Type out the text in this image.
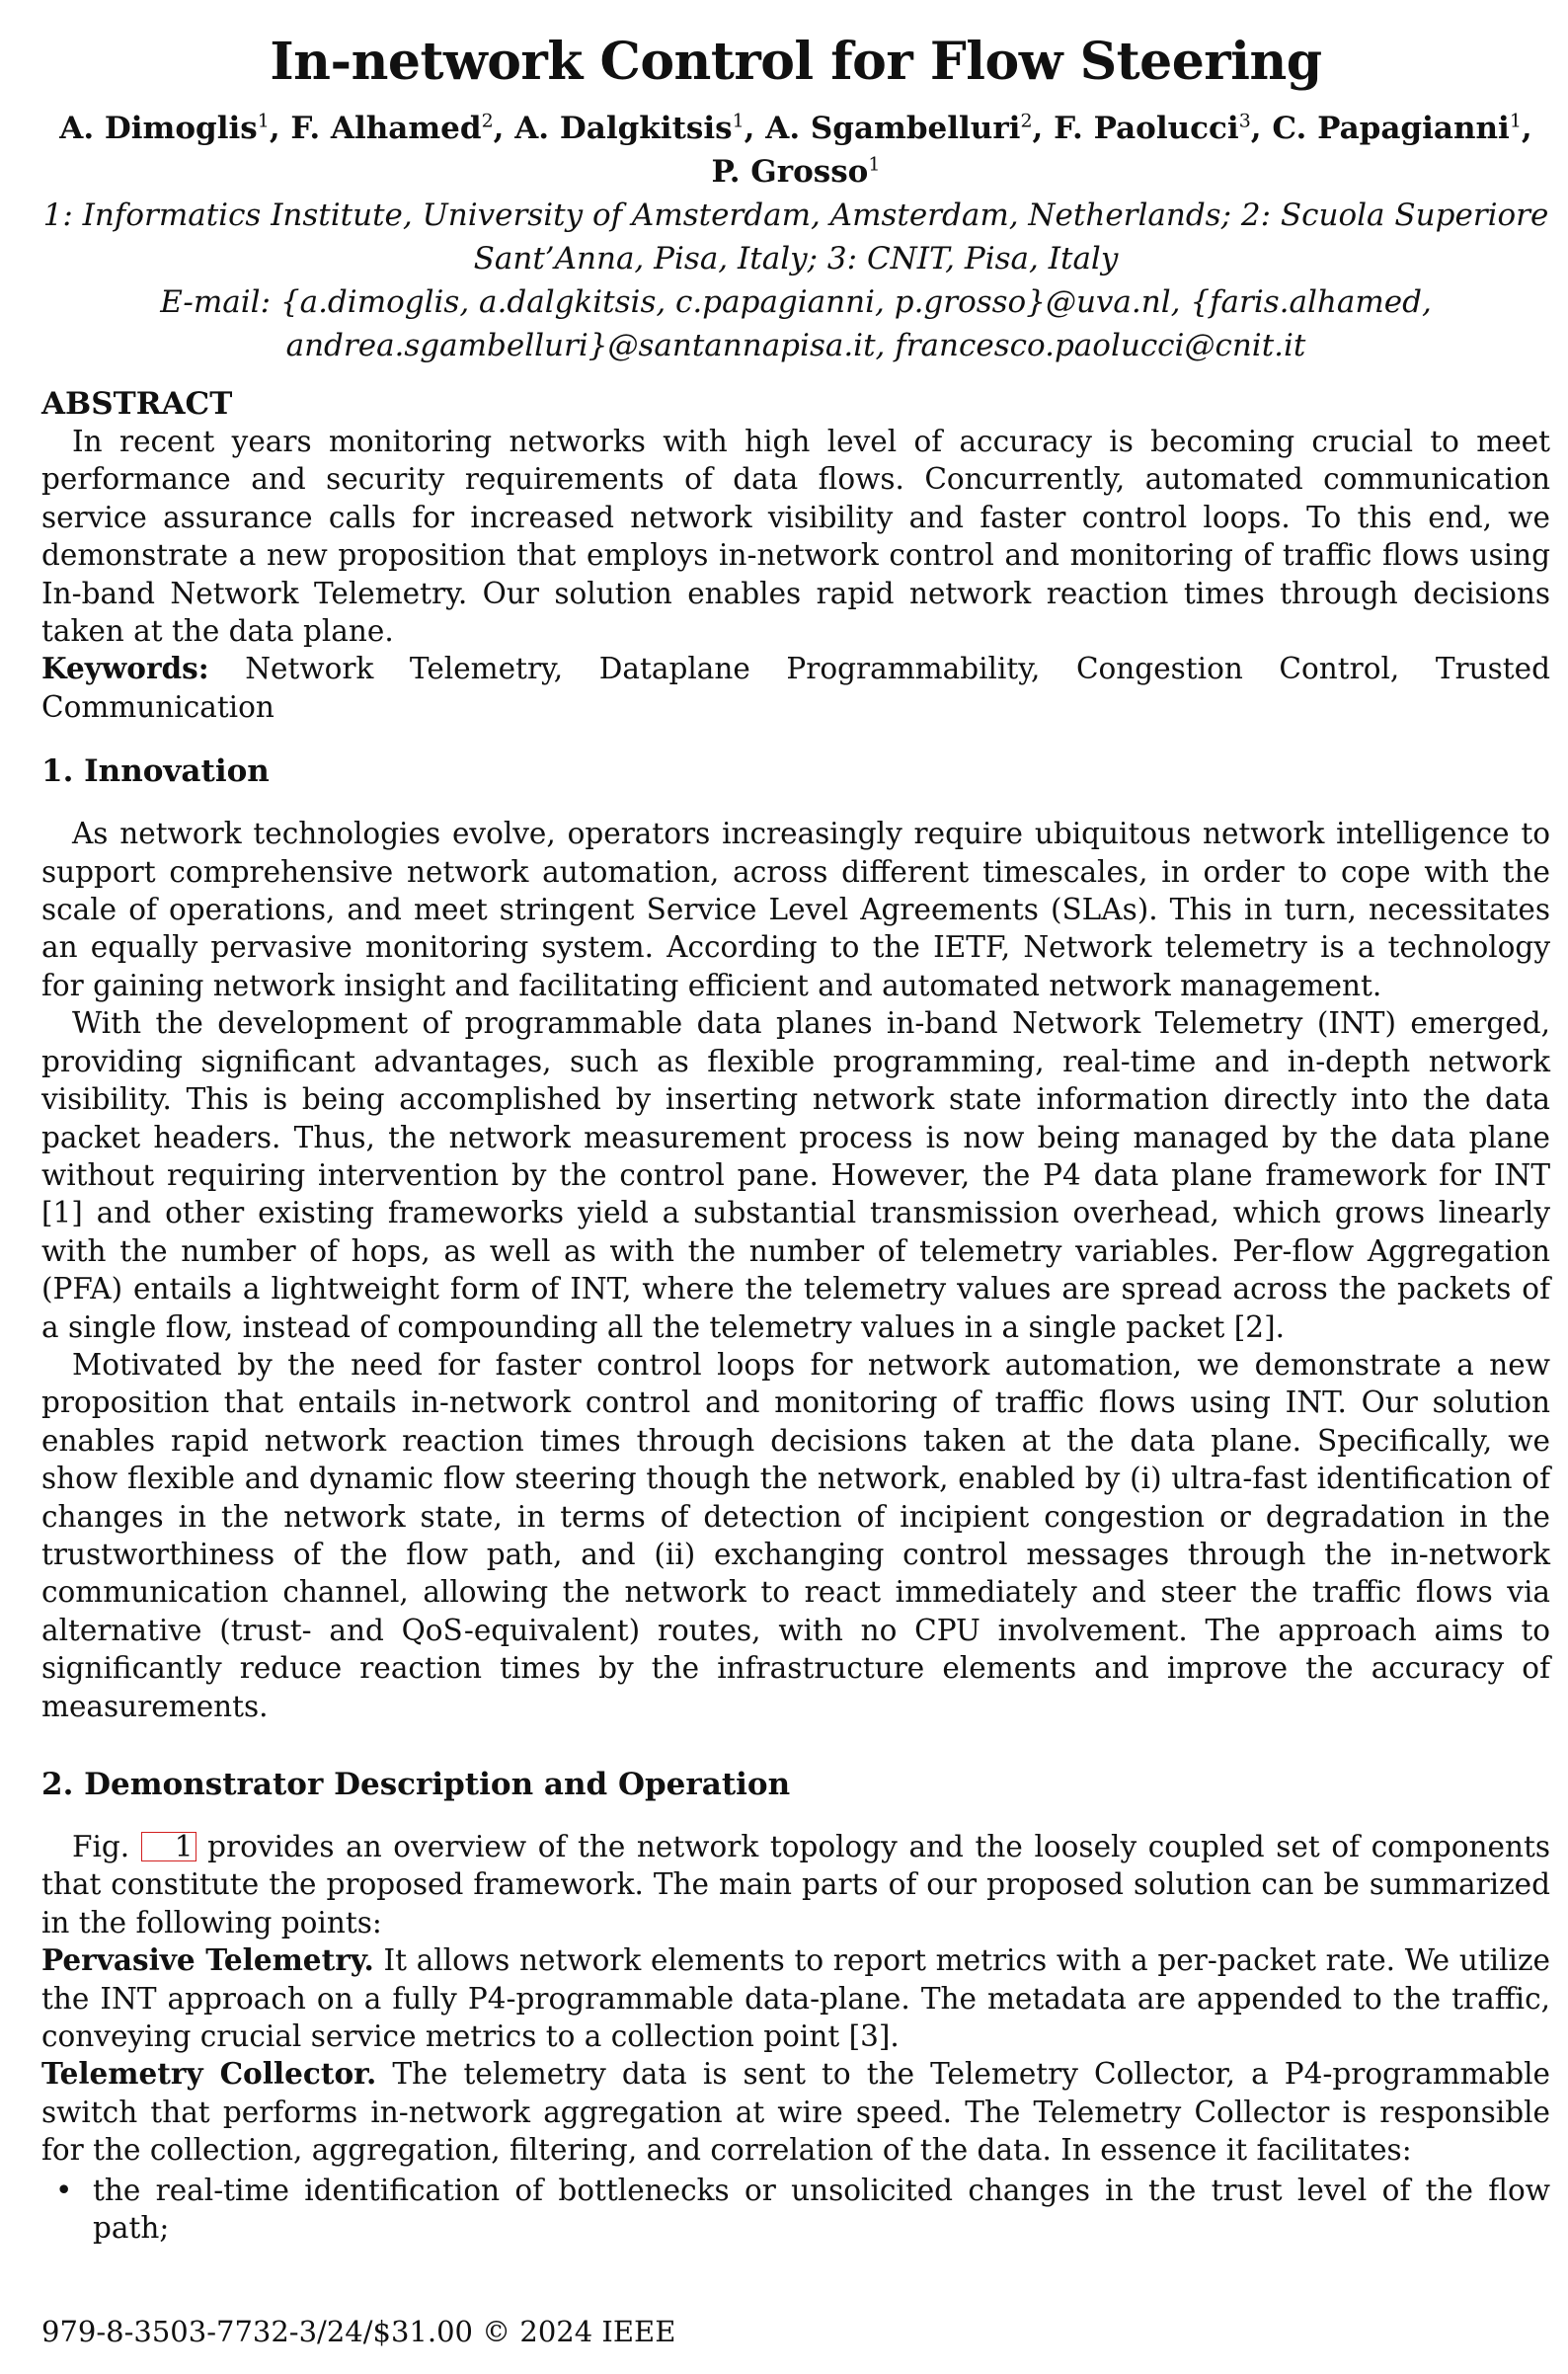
In-network Control for Flow Steering
A. Dimoglis$^1$, F. Alhamed$^2$, A. Dalgkitsis$^1$, A. Sgambelluri$^2$, F. Paolucci$^3$, C. Papagianni$^1$, P. Grosso$^1$
1: Informatics Institute, University of Amsterdam, Amsterdam, Netherlands; 2: Scuola Superiore Sant’Anna, Pisa, Italy; 3: CNIT, Pisa, Italy
E-mail: {a.dimoglis, a.dalgkitsis, c.papagianni, p.grosso}@uva.nl, {faris.alhamed, andrea.sgambelluri}@santannapisa.it, francesco.paolucci@cnit.it
ABSTRACT

In recent years monitoring networks with high level of accuracy is becoming crucial to meet performance and security requirements of data flows. Concurrently, automated communication service assurance calls for increased network visibility and faster control loops. To this end, we demonstrate a new proposition that employs in-network control and monitoring of traffic flows using In-band Network Telemetry. Our solution enables rapid network reaction times through decisions taken at the data plane.

Keywords: Network Telemetry, Dataplane Programmability, Congestion Control, Trusted Communication

1. Innovation

As network technologies evolve, operators increasingly require ubiquitous network intelligence to support comprehensive network automation, across different timescales, in order to cope with the scale of operations, and meet stringent Service Level Agreements (SLAs). This in turn, necessitates an equally pervasive monitoring system. According to the IETF, Network telemetry is a technology for gaining network insight and facilitating efficient and automated network management.

With the development of programmable data planes in-band Network Telemetry (INT) emerged, providing significant advantages, such as flexible programming, real-time and in-depth network visibility. This is being accomplished by inserting network state information directly into the data packet headers. Thus, the network measurement process is now being managed by the data plane without requiring intervention by the control pane. However, the P4 data plane framework for INT [1] and other existing frameworks yield a substantial transmission overhead, which grows linearly with the number of hops, as well as with the number of telemetry variables. Per-flow Aggregation (PFA) entails a lightweight form of INT, where the telemetry values are spread across the packets of a single flow, instead of compounding all the telemetry values in a single packet [2].

Motivated by the need for faster control loops for network automation, we demonstrate a new proposition that entails in-network control and monitoring of traffic flows using INT. Our solution enables rapid network reaction times through decisions taken at the data plane. Specifically, we show flexible and dynamic flow steering though the network, enabled by (i) ultra-fast identification of changes in the network state, in terms of detection of incipient congestion or degradation in the trustworthiness of the flow path, and (ii) exchanging control messages through the in-network communication channel, allowing the network to react immediately and steer the traffic flows via alternative (trust- and QoS-equivalent) routes, with no CPU involvement. The approach aims to significantly reduce reaction times by the infrastructure elements and improve the accuracy of measurements.

2. Demonstrator Description and Operation

Fig. 1 provides an overview of the network topology and the loosely coupled set of components that constitute the proposed framework. The main parts of our proposed solution can be summarized in the following points:

Pervasive Telemetry. It allows network elements to report metrics with a per-packet rate. We utilize the INT approach on a fully P4-programmable data-plane. The metadata are appended to the traffic, conveying crucial service metrics to a collection point [3].

Telemetry Collector. The telemetry data is sent to the Telemetry Collector, a P4-programmable switch that performs in-network aggregation at wire speed. The Telemetry Collector is responsible for the collection, aggregation, filtering, and correlation of the data. In essence it facilitates:

• the real-time identification of bottlenecks or unsolicited changes in the trust level of the flow path;
979-8-3503-7732-3/24/$31.00 © 2024 IEEE
